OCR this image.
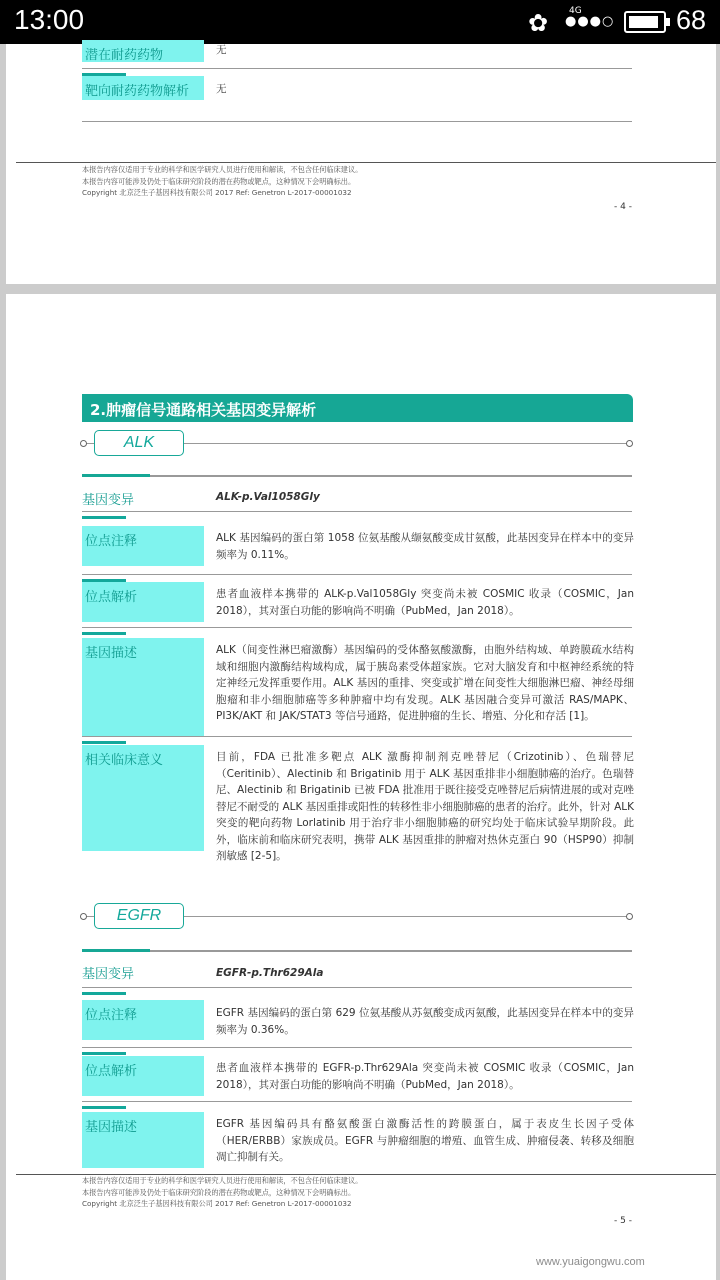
13:00	✿ 4G
●●●○ 68
潜在耐药药物	无
靶向耐药药物解析	无
本报告内容仅适用于专业的科学和医学研究人员进行使用和解读，不包含任何临床建议。
本报告内容可能涉及仍处于临床研究阶段的潜在药物或靶点，这种情况下会明确标出。
Copyright 北京泛生子基因科技有限公司 2017 Ref: Genetron L-2017-00001032
- 4 -
2.肿瘤信号通路相关基因变异解析
ALK
基因变异	ALK-p.Val1058Gly
位点注释	ALK 基因编码的蛋白第 1058 位氨基酸从缬氨酸变成甘氨酸，此基因变异在样本中的变异频率为 0.11%。
位点解析	患者血液样本携带的 ALK-p.Val1058Gly 突变尚未被 COSMIC 收录（COSMIC，Jan 2018），其对蛋白功能的影响尚不明确（PubMed，Jan 2018）。
基因描述	ALK（间变性淋巴瘤激酶）基因编码的受体酪氨酸激酶，由胞外结构域、单跨膜疏水结构域和细胞内激酶结构域构成，属于胰岛素受体超家族。它对大脑发育和中枢神经系统的特定神经元发挥重要作用。ALK 基因的重排、突变或扩增在间变性大细胞淋巴瘤、神经母细胞瘤和非小细胞肺癌等多种肿瘤中均有发现。ALK 基因融合变异可激活 RAS/MAPK、PI3K/AKT 和 JAK/STAT3 等信号通路，促进肿瘤的生长、增殖、分化和存活 [1]。
相关临床意义	目前，FDA 已批准多靶点 ALK 激酶抑制剂克唑替尼（Crizotinib）、色瑞替尼（Ceritinib）、Alectinib 和 Brigatinib 用于 ALK 基因重排非小细胞肺癌的治疗。色瑞替尼、Alectinib 和 Brigatinib 已被 FDA 批准用于既往接受克唑替尼后病情进展的或对克唑替尼不耐受的 ALK 基因重排或阳性的转移性非小细胞肺癌的患者的治疗。此外，针对 ALK 突变的靶向药物 Lorlatinib 用于治疗非小细胞肺癌的研究均处于临床试验早期阶段。此外，临床前和临床研究表明，携带 ALK 基因重排的肿瘤对热休克蛋白 90（HSP90）抑制剂敏感 [2-5]。
EGFR
基因变异	EGFR-p.Thr629Ala
位点注释	EGFR 基因编码的蛋白第 629 位氨基酸从苏氨酸变成丙氨酸，此基因变异在样本中的变异频率为 0.36%。
位点解析	患者血液样本携带的 EGFR-p.Thr629Ala 突变尚未被 COSMIC 收录（COSMIC，Jan 2018），其对蛋白功能的影响尚不明确（PubMed，Jan 2018）。
基因描述	EGFR 基因编码具有酪氨酸蛋白激酶活性的跨膜蛋白，属于表皮生长因子受体（HER/ERBB）家族成员。EGFR 与肿瘤细胞的增殖、血管生成、肿瘤侵袭、转移及细胞凋亡抑制有关。
本报告内容仅适用于专业的科学和医学研究人员进行使用和解读，不包含任何临床建议。
本报告内容可能涉及仍处于临床研究阶段的潜在药物或靶点，这种情况下会明确标出。
Copyright 北京泛生子基因科技有限公司 2017 Ref: Genetron L-2017-00001032
- 5 -
www.yuaigongwu.com
